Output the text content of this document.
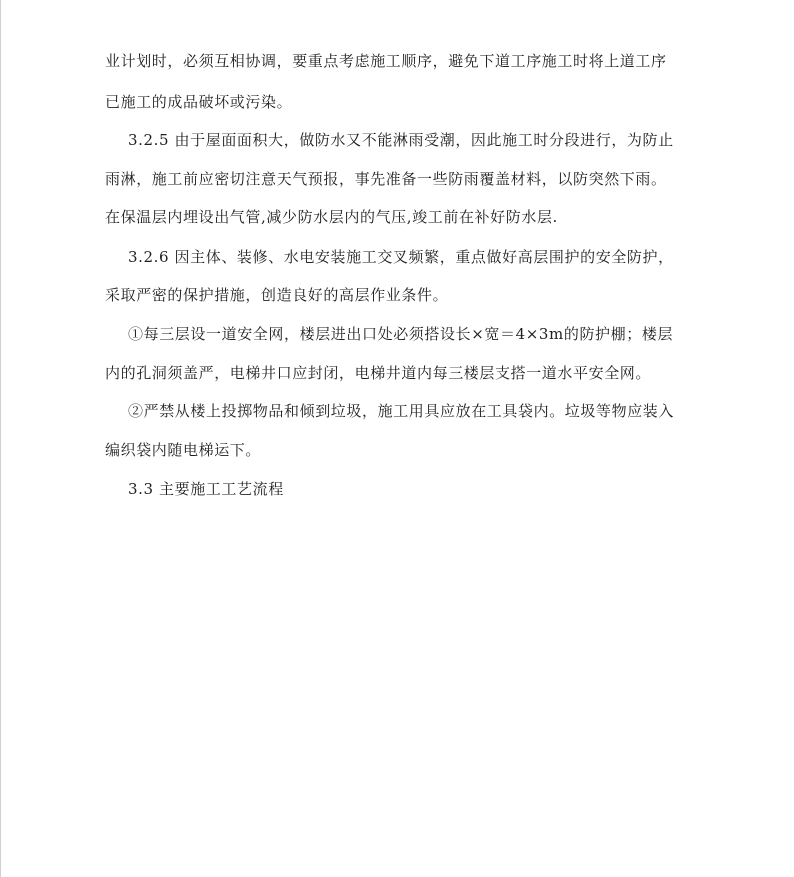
业计划时，必须互相协调，要重点考虑施工顺序，避免下道工序施工时将上道工序
已施工的成品破坏或污染。
3.2.5 由于屋面面积大，做防水又不能淋雨受潮，因此施工时分段进行，为防止
雨淋，施工前应密切注意天气预报，事先准备一些防雨覆盖材料，以防突然下雨。
在保温层内埋设出气管,减少防水层内的气压,竣工前在补好防水层.
3.2.6 因主体、装修、水电安装施工交叉频繁，重点做好高层围护的安全防护，
采取严密的保护措施，创造良好的高层作业条件。
①每三层设一道安全网，楼层进出口处必须搭设长×宽＝4×3m的防护棚；楼层
内的孔洞须盖严，电梯井口应封闭，电梯井道内每三楼层支搭一道水平安全网。
②严禁从楼上投掷物品和倾到垃圾，施工用具应放在工具袋内。垃圾等物应装入
编织袋内随电梯运下。
3.3 主要施工工艺流程
